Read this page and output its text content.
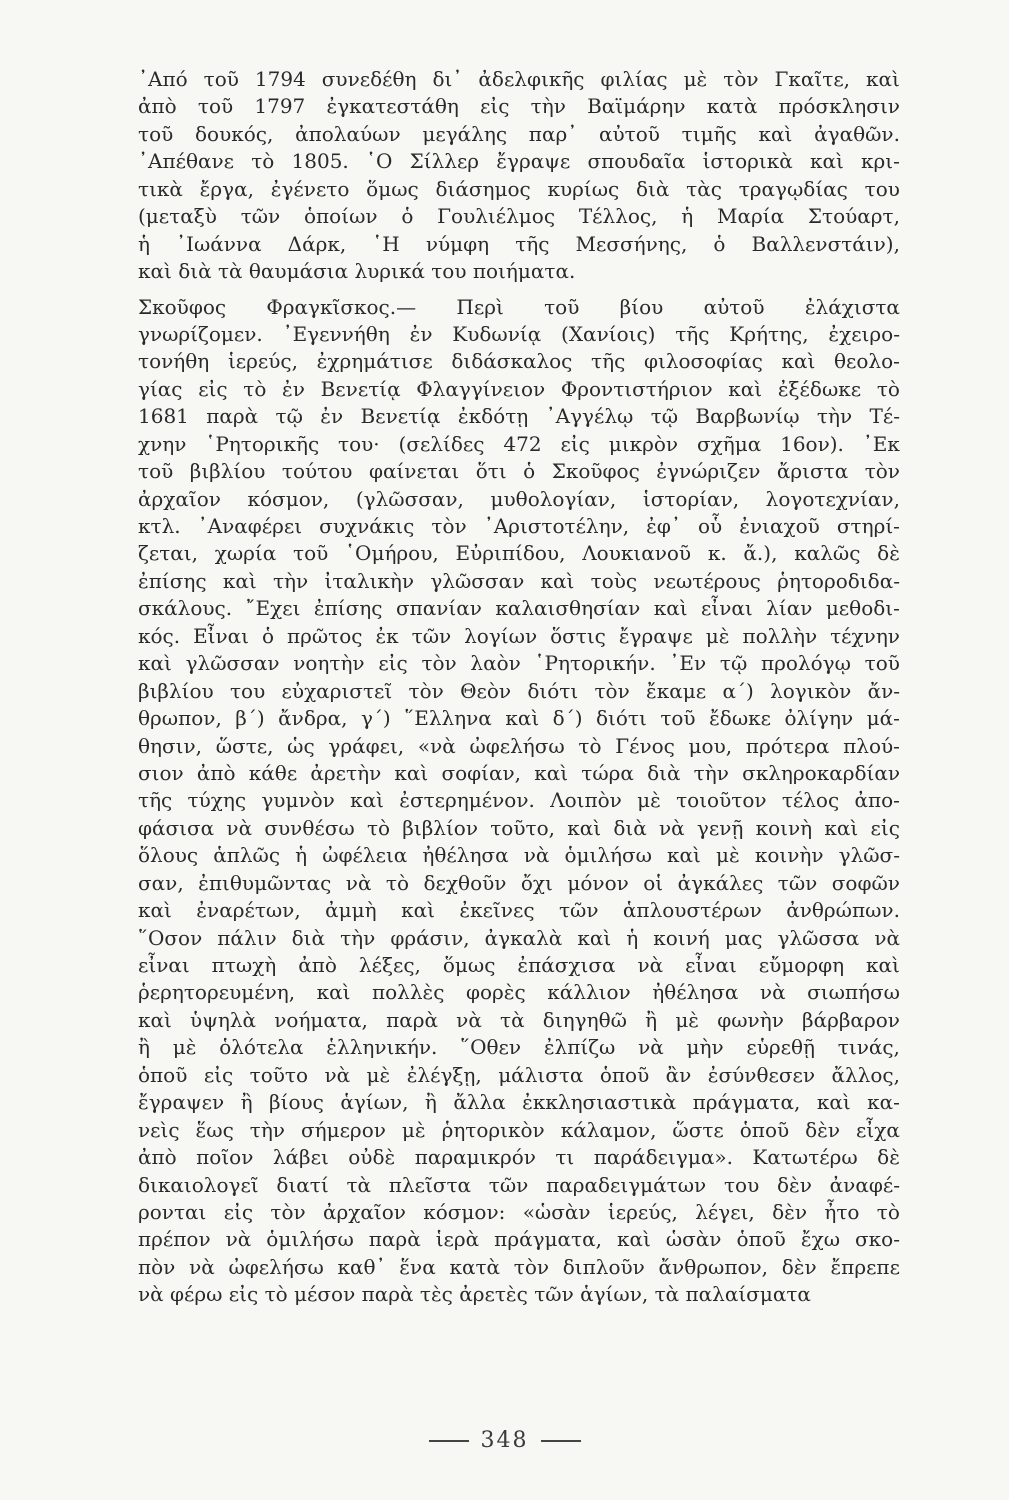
᾿Από τοῦ 1794 συνεδέθη δι᾿ ἀδελφικῆς φιλίας μὲ τὸν Γκαῖτε, καὶ
ἀπὸ τοῦ 1797 ἐγκατεστάθη εἰς τὴν Βαϊμάρην κατὰ πρόσκλησιν
τοῦ δουκός, ἀπολαύων μεγάλης παρ᾿ αὐτοῦ τιμῆς καὶ ἀγαθῶν.
᾿Απέθανε τὸ 1805. ῾Ο Σίλλερ ἔγραψε σπουδαῖα ἱστορικὰ καὶ κρι-
τικὰ ἔργα, ἐγένετο ὅμως διάσημος κυρίως διὰ τὰς τραγῳδίας του
(μεταξὺ τῶν ὁποίων ὁ Γουλιέλμος Τέλλος, ἡ Μαρία Στούαρτ,
ἡ ᾿Ιωάννα Δάρκ, ῾Η νύμφη τῆς Μεσσήνης, ὁ Βαλλενστάιν),
καὶ διὰ τὰ θαυμάσια λυρικά του ποιήματα.
Σκοῦφος Φραγκῖσκος.— Περὶ τοῦ βίου αὐτοῦ ἐλάχιστα
γνωρίζομεν. ᾿Εγεννήθη ἐν Κυδωνίᾳ (Χανίοις) τῆς Κρήτης, ἐχειρο-
τονήθη ἱερεύς, ἐχρημάτισε διδάσκαλος τῆς φιλοσοφίας καὶ θεολο-
γίας εἰς τὸ ἐν Βενετίᾳ Φλαγγίνειον Φροντιστήριον καὶ ἐξέδωκε τὸ
1681 παρὰ τῷ ἐν Βενετίᾳ ἐκδότῃ ᾿Αγγέλῳ τῷ Βαρβωνίῳ τὴν Τέ-
χνην ῾Ρητορικῆς του· (σελίδες 472 εἰς μικρὸν σχῆμα 16ον). ᾿Εκ
τοῦ βιβλίου τούτου φαίνεται ὅτι ὁ Σκοῦφος ἐγνώριζεν ἄριστα τὸν
ἀρχαῖον κόσμον, (γλῶσσαν, μυθολογίαν, ἱστορίαν, λογοτεχνίαν,
κτλ. ᾿Αναφέρει συχνάκις τὸν ᾿Αριστοτέλην, ἐφ᾿ οὗ ἐνιαχοῦ στηρί-
ζεται, χωρία τοῦ ῾Ομήρου, Εὐριπίδου, Λουκιανοῦ κ. ἄ.), καλῶς δὲ
ἐπίσης καὶ τὴν ἰταλικὴν γλῶσσαν καὶ τοὺς νεωτέρους ῥητοροδιδα-
σκάλους. ῎Εχει ἐπίσης σπανίαν καλαισθησίαν καὶ εἶναι λίαν μεθοδι-
κός. Εἶναι ὁ πρῶτος ἐκ τῶν λογίων ὅστις ἔγραψε μὲ πολλὴν τέχνην
καὶ γλῶσσαν νοητὴν εἰς τὸν λαὸν ῾Ρητορικήν. ᾿Εν τῷ προλόγῳ τοῦ
βιβλίου του εὐχαριστεῖ τὸν Θεὸν διότι τὸν ἔκαμε α΄) λογικὸν ἄν-
θρωπον, β΄) ἄνδρα, γ΄) ῞Ελληνα καὶ δ΄) διότι τοῦ ἔδωκε ὀλίγην μά-
θησιν, ὥστε, ὡς γράφει, «νὰ ὠφελήσω τὸ Γένος μου, πρότερα πλού-
σιον ἀπὸ κάθε ἀρετὴν καὶ σοφίαν, καὶ τώρα διὰ τὴν σκληροκαρδίαν
τῆς τύχης γυμνὸν καὶ ἐστερημένον. Λοιπὸν μὲ τοιοῦτον τέλος ἀπο-
φάσισα νὰ συνθέσω τὸ βιβλίον τοῦτο, καὶ διὰ νὰ γενῇ κοινὴ καὶ εἰς
ὅλους ἁπλῶς ἡ ὠφέλεια ἠθέλησα νὰ ὁμιλήσω καὶ μὲ κοινὴν γλῶσ-
σαν, ἐπιθυμῶντας νὰ τὸ δεχθοῦν ὄχι μόνον οἱ ἀγκάλες τῶν σοφῶν
καὶ ἐναρέτων, ἀμμὴ καὶ ἐκεῖνες τῶν ἁπλουστέρων ἀνθρώπων.
῞Οσον πάλιν διὰ τὴν φράσιν, ἀγκαλὰ καὶ ἡ κοινή μας γλῶσσα νὰ
εἶναι πτωχὴ ἀπὸ λέξες, ὅμως ἐπάσχισα νὰ εἶναι εὔμορφη καὶ
ῥερητορευμένη, καὶ πολλὲς φορὲς κάλλιον ἠθέλησα νὰ σιωπήσω
καὶ ὑψηλὰ νοήματα, παρὰ νὰ τὰ διηγηθῶ ἢ μὲ φωνὴν βάρβαρον
ἢ μὲ ὁλότελα ἑλληνικήν. ῞Οθεν ἐλπίζω νὰ μὴν εὑρεθῇ τινάς,
ὁποῦ εἰς τοῦτο νὰ μὲ ἐλέγξῃ, μάλιστα ὁποῦ ἂν ἐσύνθεσεν ἄλλος,
ἔγραψεν ἢ βίους ἁγίων, ἢ ἄλλα ἐκκλησιαστικὰ πράγματα, καὶ κα-
νεὶς ἕως τὴν σήμερον μὲ ῥητορικὸν κάλαμον, ὥστε ὁποῦ δὲν εἶχα
ἀπὸ ποῖον λάβει οὐδὲ παραμικρόν τι παράδειγμα». Κατωτέρω δὲ
δικαιολογεῖ διατί τὰ πλεῖστα τῶν παραδειγμάτων του δὲν ἀναφέ-
ρονται εἰς τὸν ἀρχαῖον κόσμον: «ὡσὰν ἱερεύς, λέγει, δὲν ἦτο τὸ
πρέπον νὰ ὁμιλήσω παρὰ ἱερὰ πράγματα, καὶ ὡσὰν ὁποῦ ἔχω σκο-
πὸν νὰ ὠφελήσω καθ᾿ ἕνα κατὰ τὸν διπλοῦν ἄνθρωπον, δὲν ἔπρεπε
νὰ φέρω εἰς τὸ μέσον παρὰ τὲς ἀρετὲς τῶν ἁγίων, τὰ παλαίσματα
348
